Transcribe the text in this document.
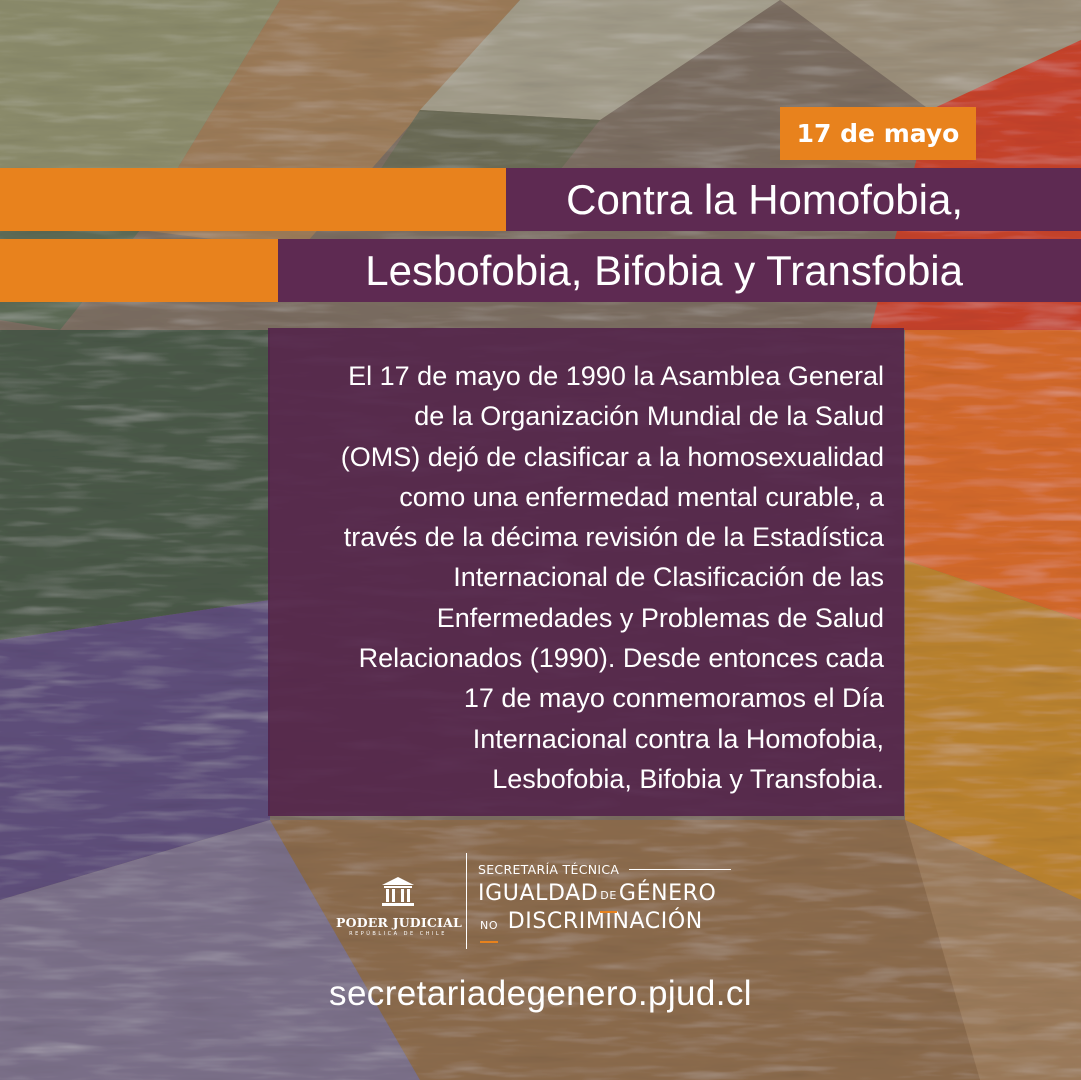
17 de mayo
Contra la Homofobia,
Lesbofobia, Bifobia y Transfobia

El 17 de mayo de 1990 la Asamblea General
de la Organización Mundial de la Salud
(OMS) dejó de clasificar a la homosexualidad
como una enfermedad mental curable, a
través de la décima revisión de la Estadística
Internacional de Clasificación de las
Enfermedades y Problemas de Salud
Relacionados (1990). Desde entonces cada
17 de mayo conmemoramos el Día
Internacional contra la Homofobia,
Lesbofobia, Bifobia y Transfobia.

PODER JUDICIAL
REPÚBLICA DE CHILE
SECRETARÍA TÉCNICA
IGUALDAD DEGÉNERO
NO DISCRIMINACIÓN
secretariadegenero.pjud.cl
